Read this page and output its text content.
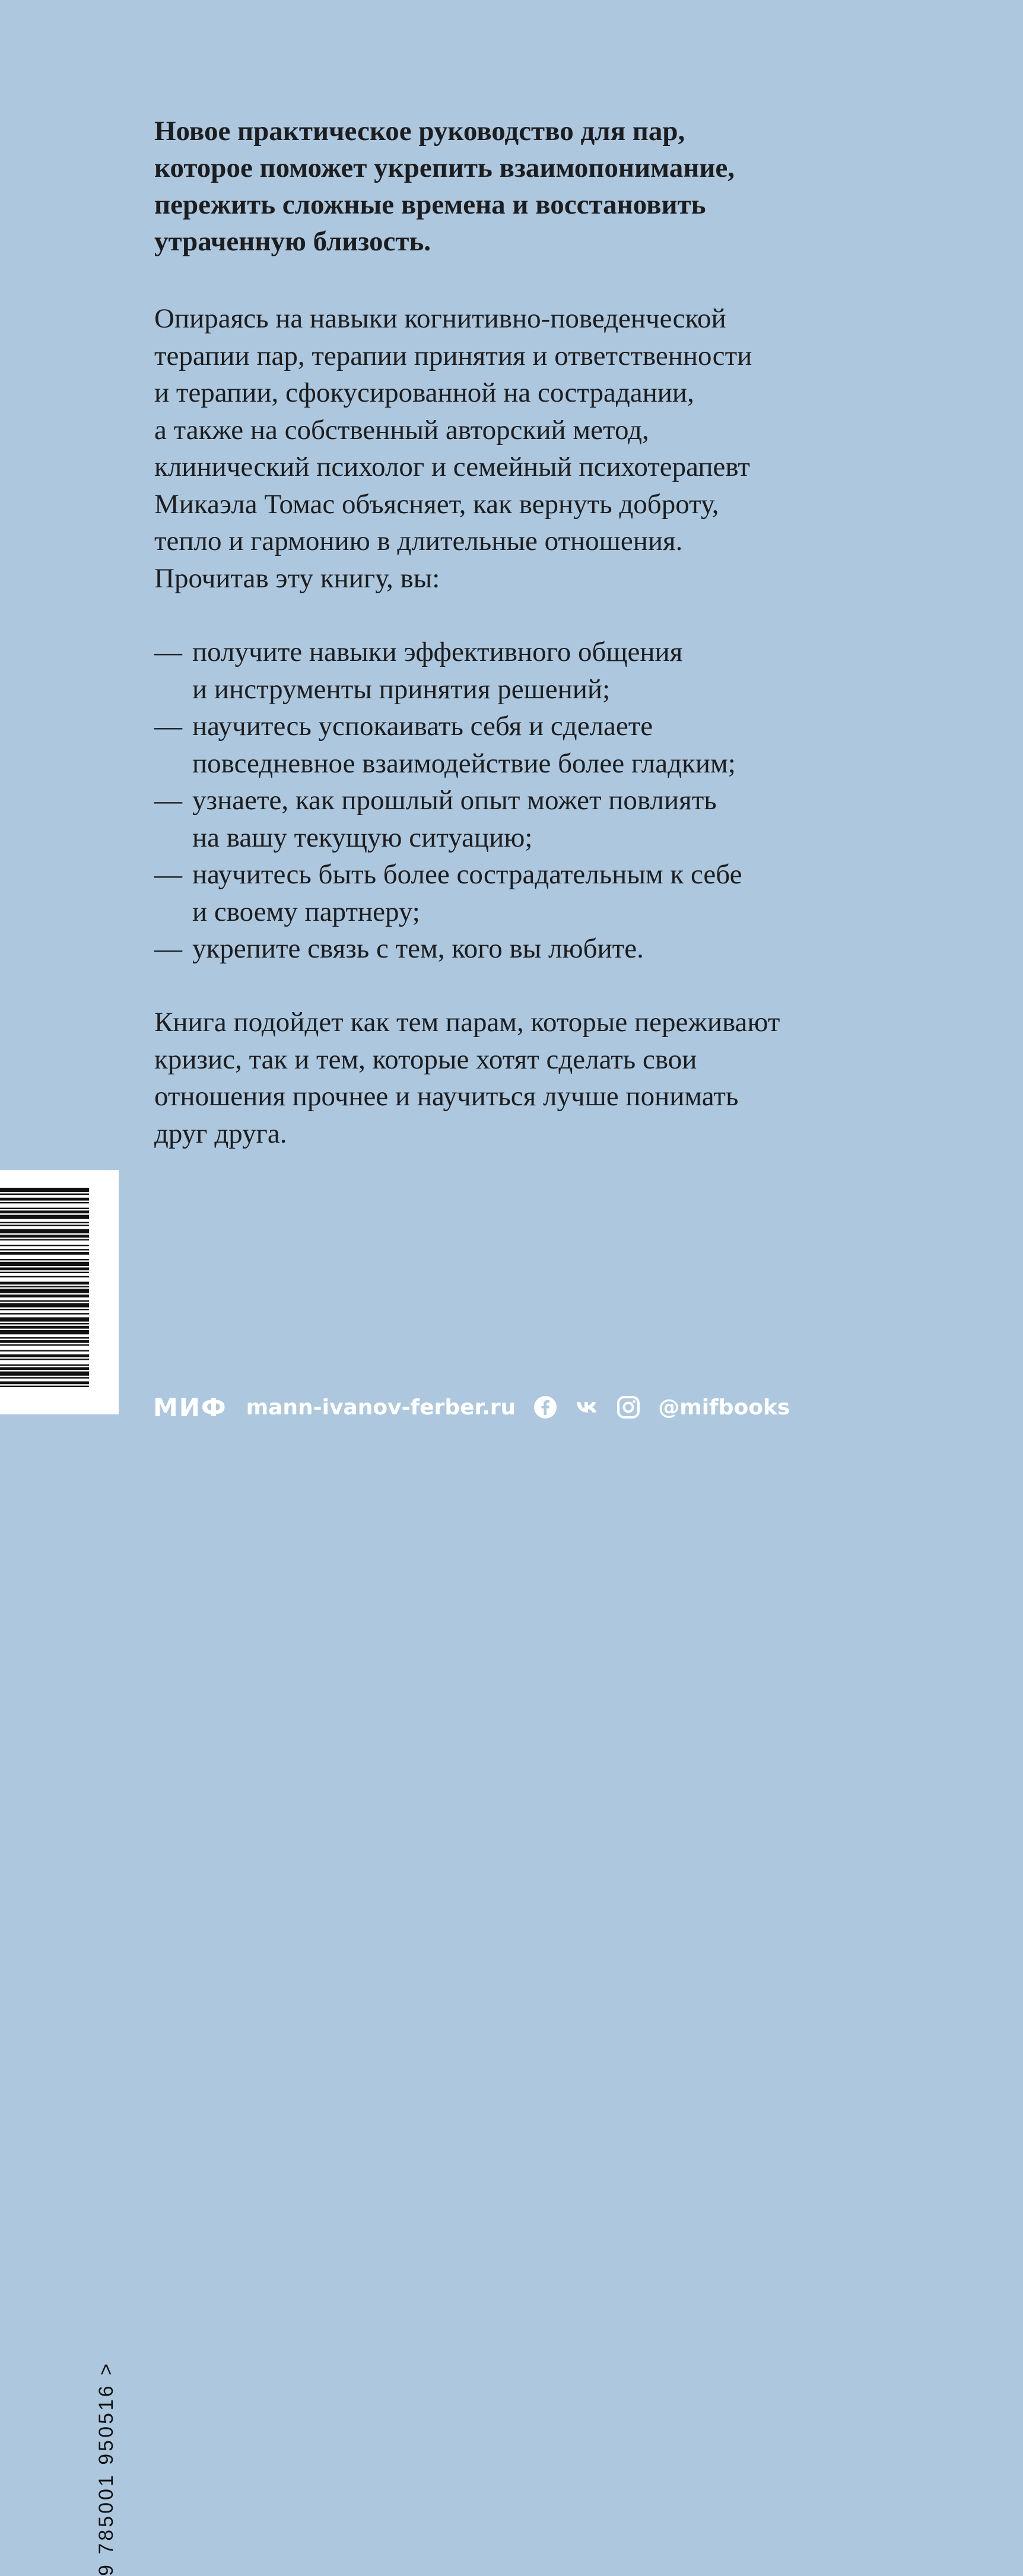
Новое практическое руководство для пар,
которое поможет укрепить взаимопонимание,
пережить сложные времена и восстановить
утраченную близость.

Опираясь на навыки когнитивно-поведенческой
терапии пар, терапии принятия и ответственности
и терапии, сфокусированной на сострадании,
а также на собственный авторский метод,
клинический психолог и семейный психотерапевт
Микаэла Томас объясняет, как вернуть доброту,
тепло и гармонию в длительные отношения.
Прочитав эту книгу, вы:

— получите навыки эффективного общения
и инструменты принятия решений;
— научитесь успокаивать себя и сделаете
повседневное взаимодействие более гладким;
— узнаете, как прошлый опыт может повлиять
на вашу текущую ситуацию;
— научитесь быть более сострадательным к себе
и своему партнеру;
— укрепите связь с тем, кого вы любите.

Книга подойдет как тем парам, которые переживают
кризис, так и тем, которые хотят сделать свои
отношения прочнее и научиться лучше понимать
друг друга.

9 785001 950516 >
МИФ mann-ivanov-ferber.ru	@mifbooks
